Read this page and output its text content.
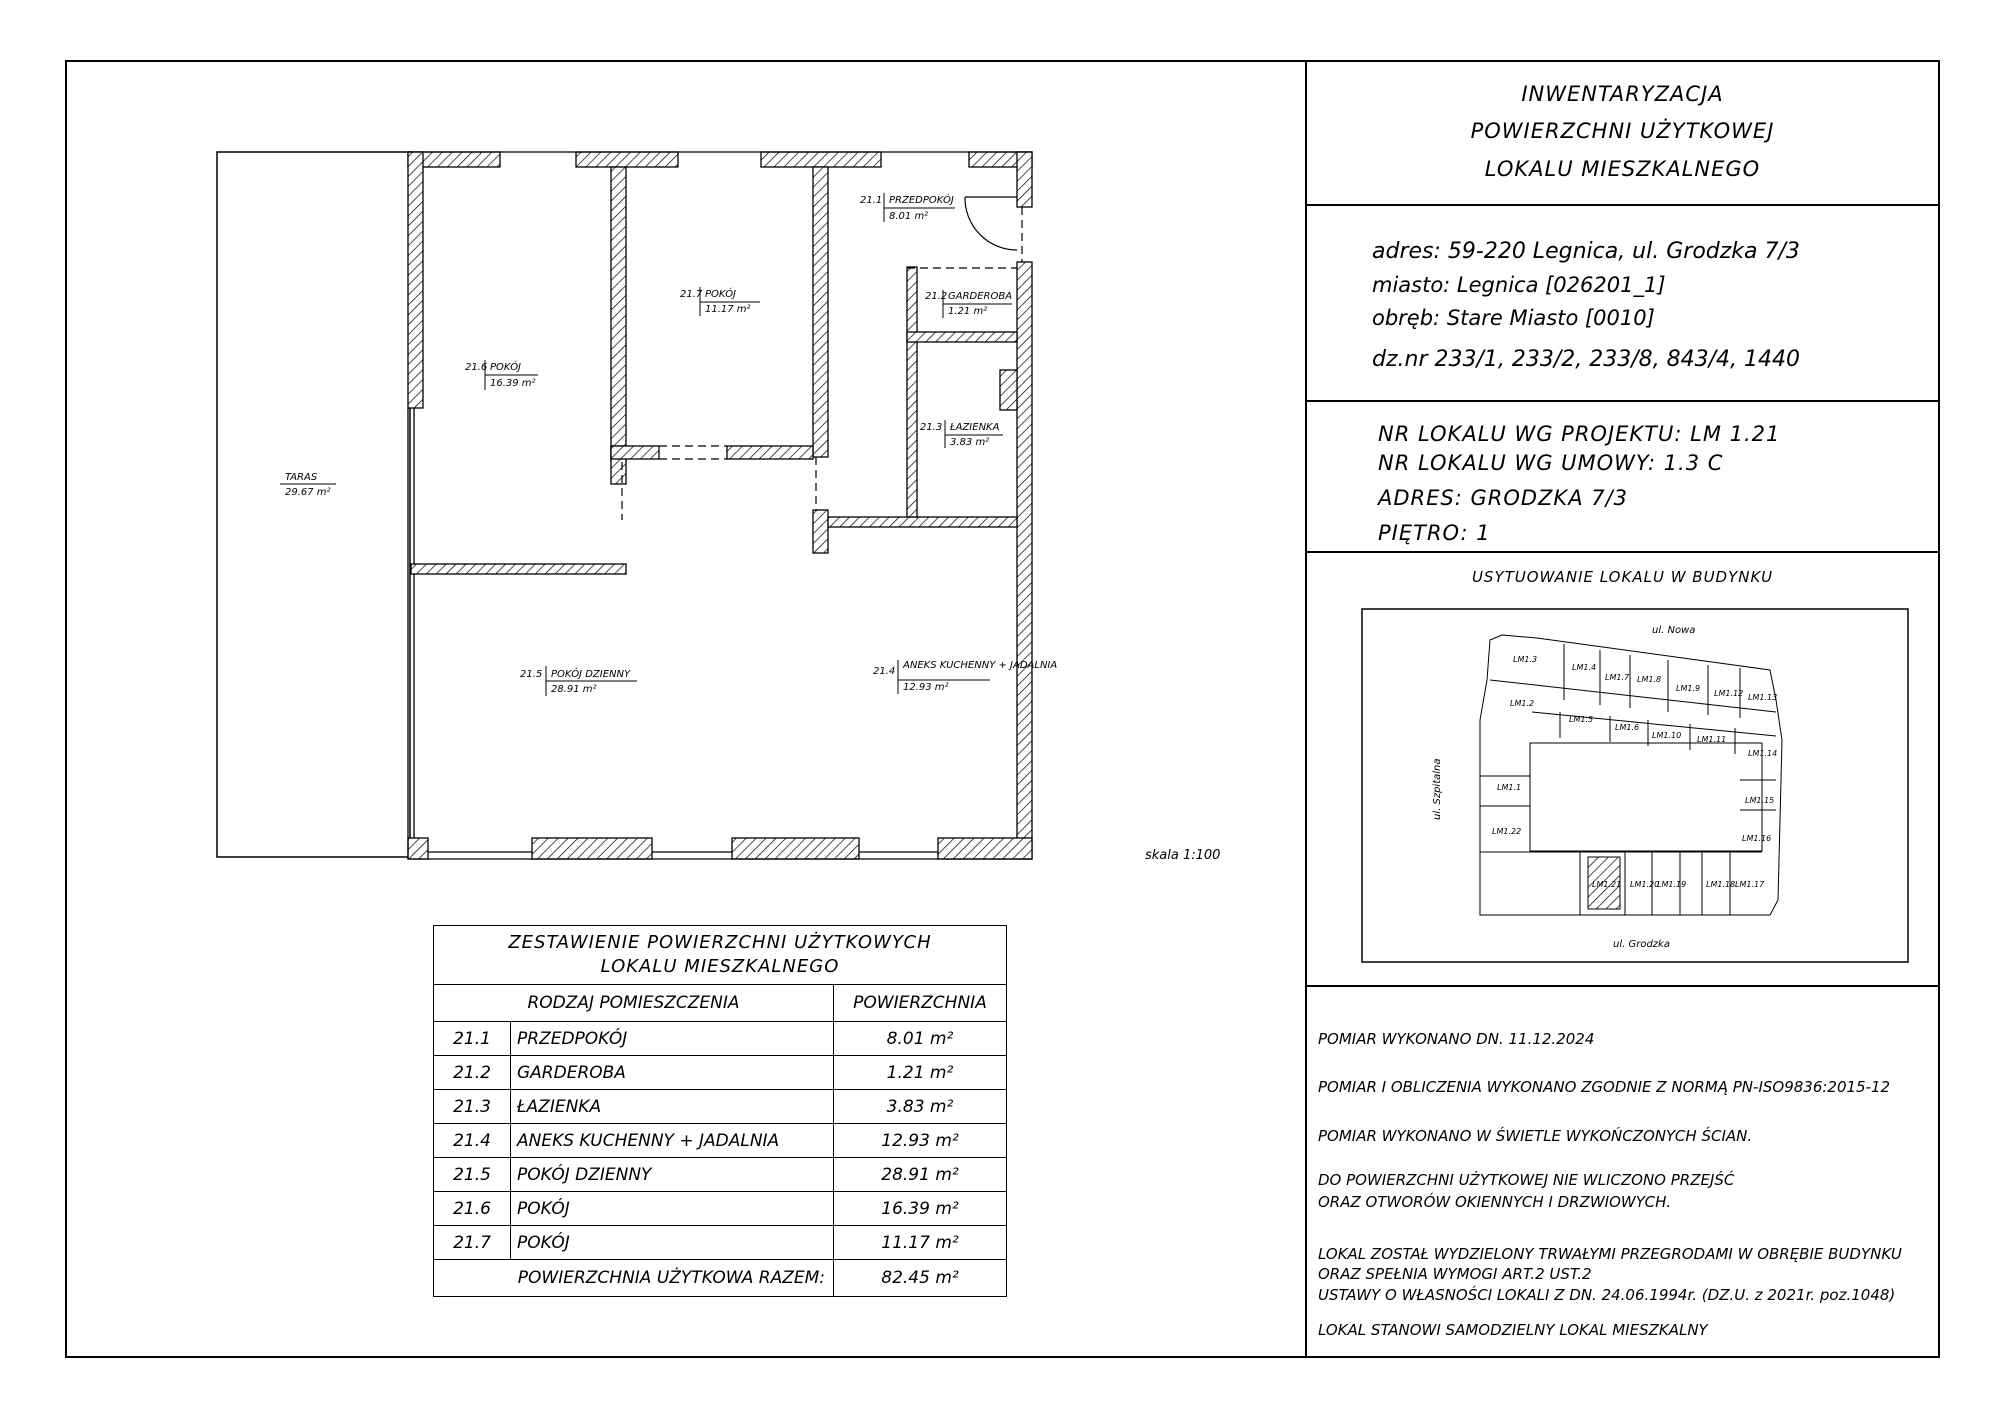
INWENTARYZACJA
POWIERZCHNI UŻYTKOWEJ
LOKALU MIESZKALNEGO
adres: 59-220 Legnica, ul. Grodzka 7/3
miasto: Legnica [026201_1]
obręb: Stare Miasto [0010]
dz.nr 233/1, 233/2, 233/8, 843/4, 1440
NR LOKALU WG PROJEKTU: LM 1.21
NR LOKALU WG UMOWY: 1.3 C
ADRES: GRODZKA 7/3
PIĘTRO: 1
USYTUOWANIE LOKALU W BUDYNKU
POMIAR WYKONANO DN. 11.12.2024
POMIAR I OBLICZENIA WYKONANO ZGODNIE Z NORMĄ PN-ISO9836:2015-12
POMIAR WYKONANO W ŚWIETLE WYKOŃCZONYCH ŚCIAN.
DO POWIERZCHNI UŻYTKOWEJ NIE WLICZONO PRZEJŚĆ
ORAZ OTWORÓW OKIENNYCH I DRZWIOWYCH.
LOKAL ZOSTAŁ WYDZIELONY TRWAŁYMI PRZEGRODAMI W OBRĘBIE BUDYNKU
ORAZ SPEŁNIA WYMOGI ART.2 UST.2
USTAWY O WŁASNOŚCI LOKALI Z DN. 24.06.1994r. (DZ.U. z 2021r. poz.1048)
LOKAL STANOWI SAMODZIELNY LOKAL MIESZKALNY
skala 1:100
21.1 PRZEDPOKÓJ
8.01 m²
21.2 GARDEROBA
1.21 m²
21.3 ŁAZIENKA
3.83 m²
21.4
ANEKS KUCHENNY + JADALNIA
12.93 m²
21.5 POKÓJ DZIENNY
28.91 m²
21.6 POKÓJ
16.39 m²
21.7 POKÓJ
11.17 m²
TARAS
29.67 m²
ul. Nowa
ul. Grodzka
ul. Szpitalna
LM1.3
LM1.4
LM1.7 LM1.8
LM1.9
LM1.12 LM1.13
LM1.2
LM1.5
LM1.6
LM1.10 LM1.11
LM1.14
LM1.1
LM1.15
LM1.22
LM1.16
LM1.21 LM1.20
LM1.19 LM1.18 LM1.17
ZESTAWIENIE POWIERZCHNI UŻYTKOWYCH
LOKALU MIESZKALNEGO		

RODZAJ POMIESZCZENIA		POWIERZCHNIA
21.1	PRZEDPOKÓJ	8.01 m²
21.2	GARDEROBA	1.21 m²
21.3	ŁAZIENKA	3.83 m²
21.4	ANEKS KUCHENNY + JADALNIA	12.93 m²
21.5	POKÓJ DZIENNY	28.91 m²
21.6	POKÓJ	16.39 m²
21.7	POKÓJ	11.17 m²
POWIERZCHNIA UŻYTKOWA RAZEM:		82.45 m²
